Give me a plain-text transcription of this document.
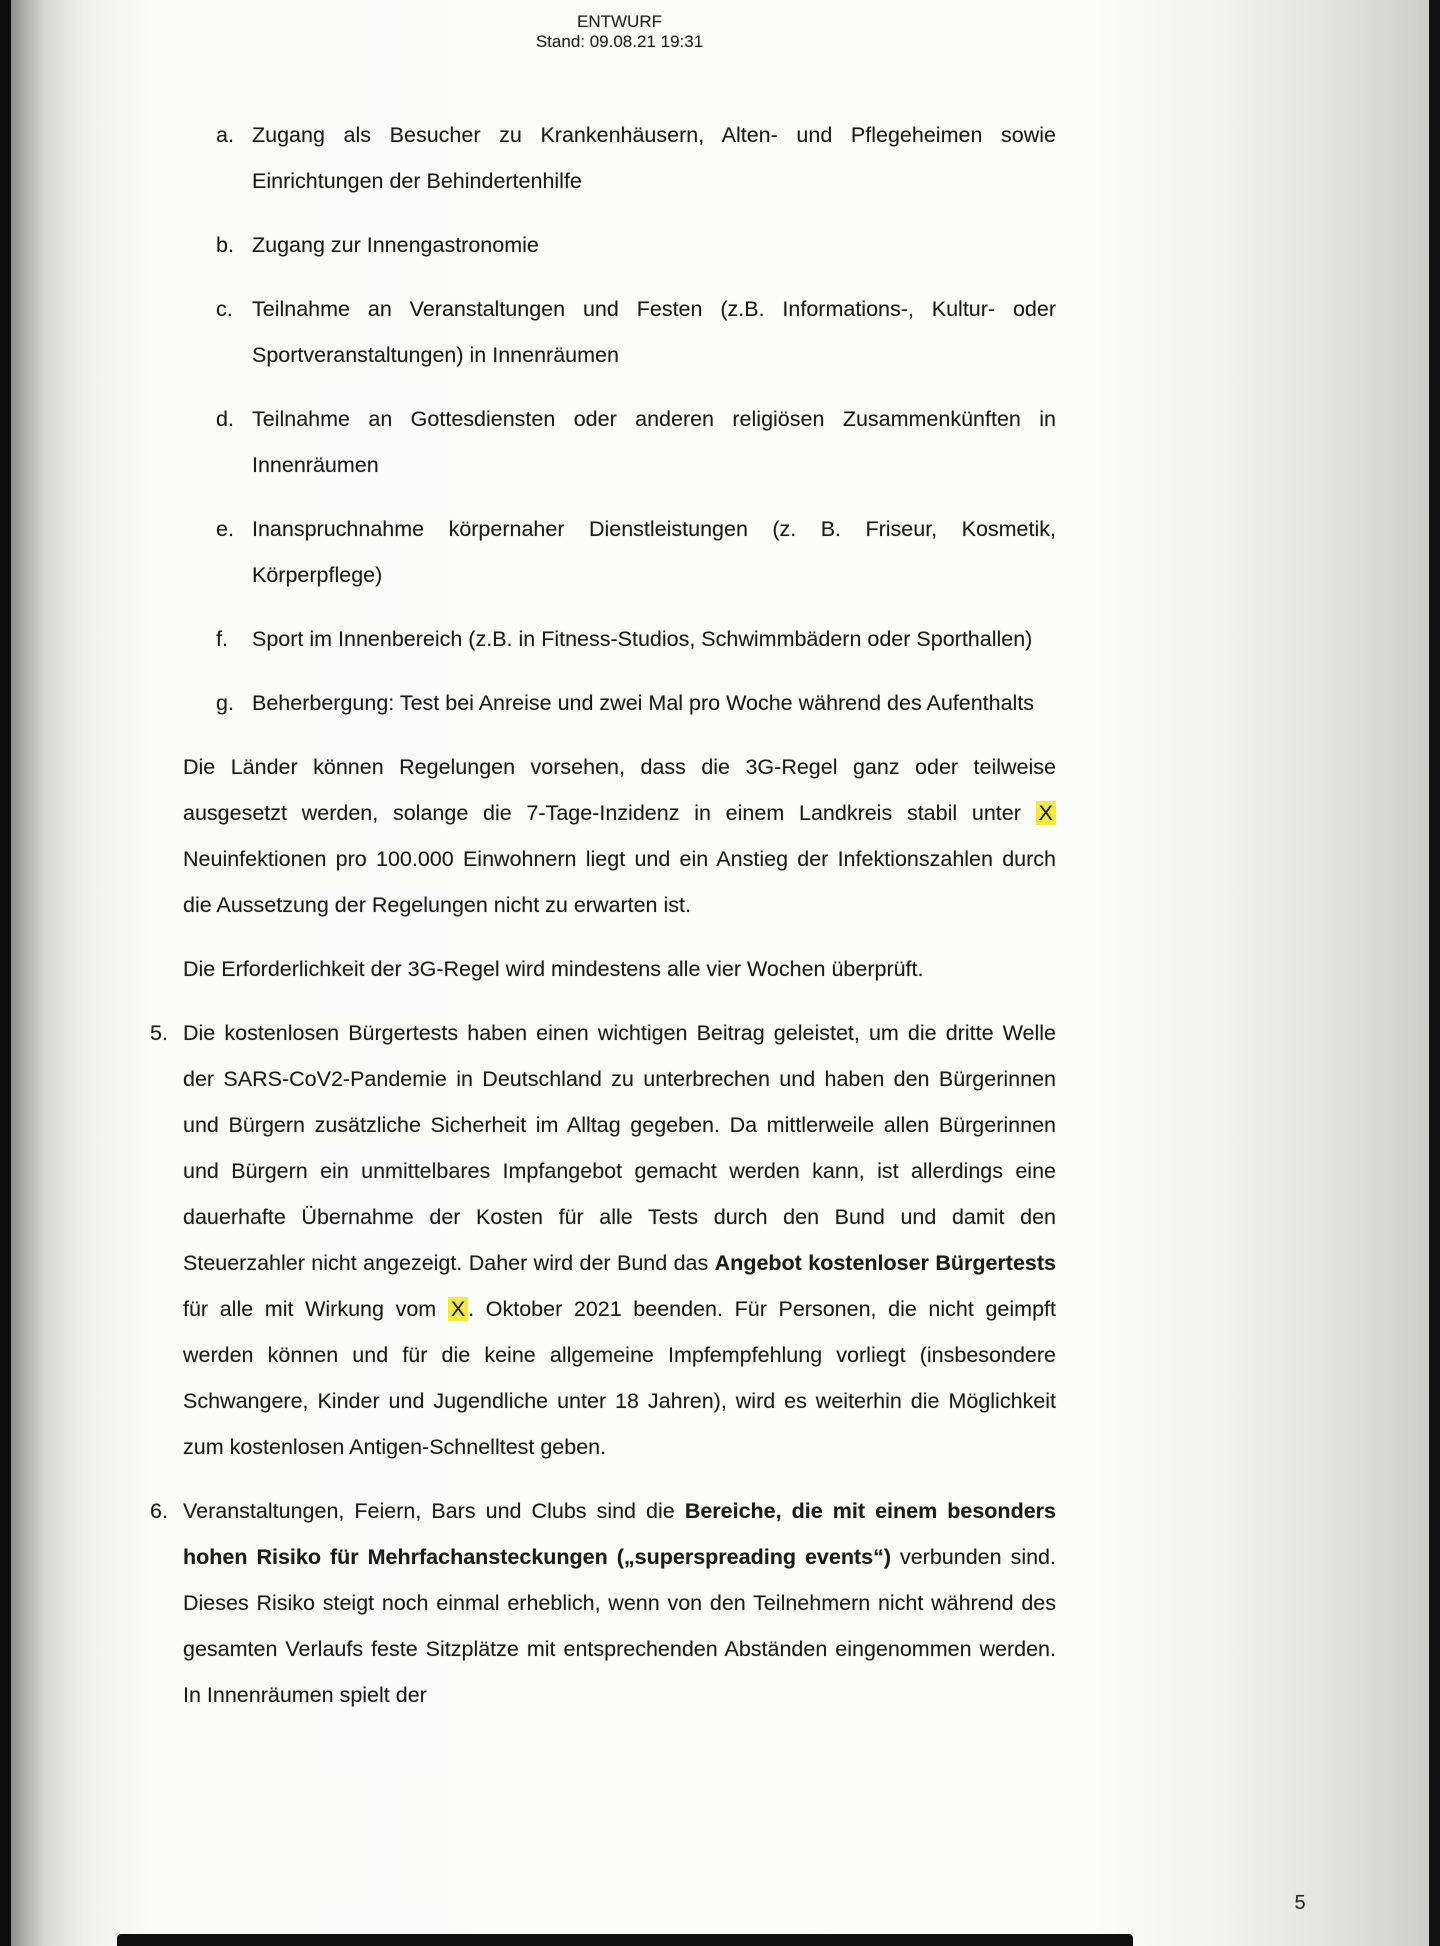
ENTWURF
Stand: 09.08.21 19:31
a. Zugang als Besucher zu Krankenhäusern, Alten- und Pflegeheimen sowie Einrichtungen der Behindertenhilfe
b. Zugang zur Innengastronomie
c. Teilnahme an Veranstaltungen und Festen (z.B. Informations-, Kultur- oder Sportveranstaltungen) in Innenräumen
d. Teilnahme an Gottesdiensten oder anderen religiösen Zusammenkünften in Innenräumen
e. Inanspruchnahme körpernaher Dienstleistungen (z. B. Friseur, Kosmetik, Körperpflege)
f.	Sport im Innenbereich (z.B. in Fitness-Studios, Schwimmbädern oder Sporthallen)
g. Beherbergung: Test bei Anreise und zwei Mal pro Woche während des Aufenthalts

Die Länder können Regelungen vorsehen, dass die 3G-Regel ganz oder teilweise ausgesetzt werden, solange die 7-Tage-Inzidenz in einem Landkreis stabil unter X Neuinfektionen pro 100.000 Einwohnern liegt und ein Anstieg der Infektionszahlen durch die Aussetzung der Regelungen nicht zu erwarten ist.

Die Erforderlichkeit der 3G-Regel wird mindestens alle vier Wochen überprüft.

5. Die kostenlosen Bürgertests haben einen wichtigen Beitrag geleistet, um die dritte Welle der SARS-CoV2-Pandemie in Deutschland zu unterbrechen und haben den Bürgerinnen und Bürgern zusätzliche Sicherheit im Alltag gegeben. Da mittlerweile allen Bürgerinnen und Bürgern ein unmittelbares Impfangebot gemacht werden kann, ist allerdings eine dauerhafte Übernahme der Kosten für alle Tests durch den Bund und damit den Steuerzahler nicht angezeigt. Daher wird der Bund das Angebot kostenloser Bürgertests für alle mit Wirkung vom X . Oktober 2021 beenden. Für Personen, die nicht geimpft werden können und für die keine allgemeine Impfempfehlung vorliegt (insbesondere Schwangere, Kinder und Jugendliche unter 18 Jahren), wird es weiterhin die Möglichkeit zum kostenlosen Antigen-Schnelltest geben.
6. Veranstaltungen, Feiern, Bars und Clubs sind die Bereiche, die mit einem besonders hohen Risiko für Mehrfachansteckungen („superspreading events“) verbunden sind. Dieses Risiko steigt noch einmal erheblich, wenn von den Teilnehmern nicht während des gesamten Verlaufs feste Sitzplätze mit entsprechenden Abständen eingenommen werden. In Innenräumen spielt der
5
